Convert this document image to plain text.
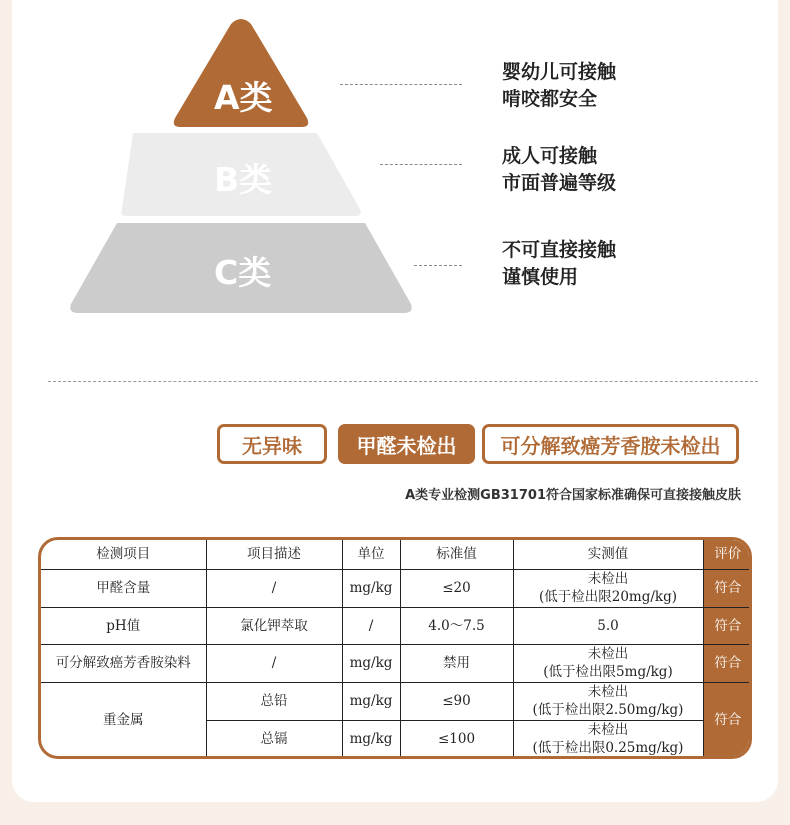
A类
B类
C类
婴幼儿可接触
啃咬都安全
成人可接触
市面普遍等级
不可直接接触
谨慎使用
无异味	甲醛未检出	可分解致癌芳香胺未检出
A类专业检测GB31701符合国家标准确保可直接接触皮肤
检测项目	项目描述	单位	标准值	实测值	评价
甲醛含量	/	mg/kg	≤20	未检出
(低于检出限20mg/kg)	符合
pH值	氯化钾萃取	/	4.0～7.5	5.0	符合
可分解致癌芳香胺染料	/	mg/kg	禁用	未检出
(低于检出限5mg/kg)	符合
重金属	总铅	mg/kg	≤90	未检出
(低于检出限2.50mg/kg)	符合
	总镉	mg/kg	≤100	未检出
(低于检出限0.25mg/kg)	
